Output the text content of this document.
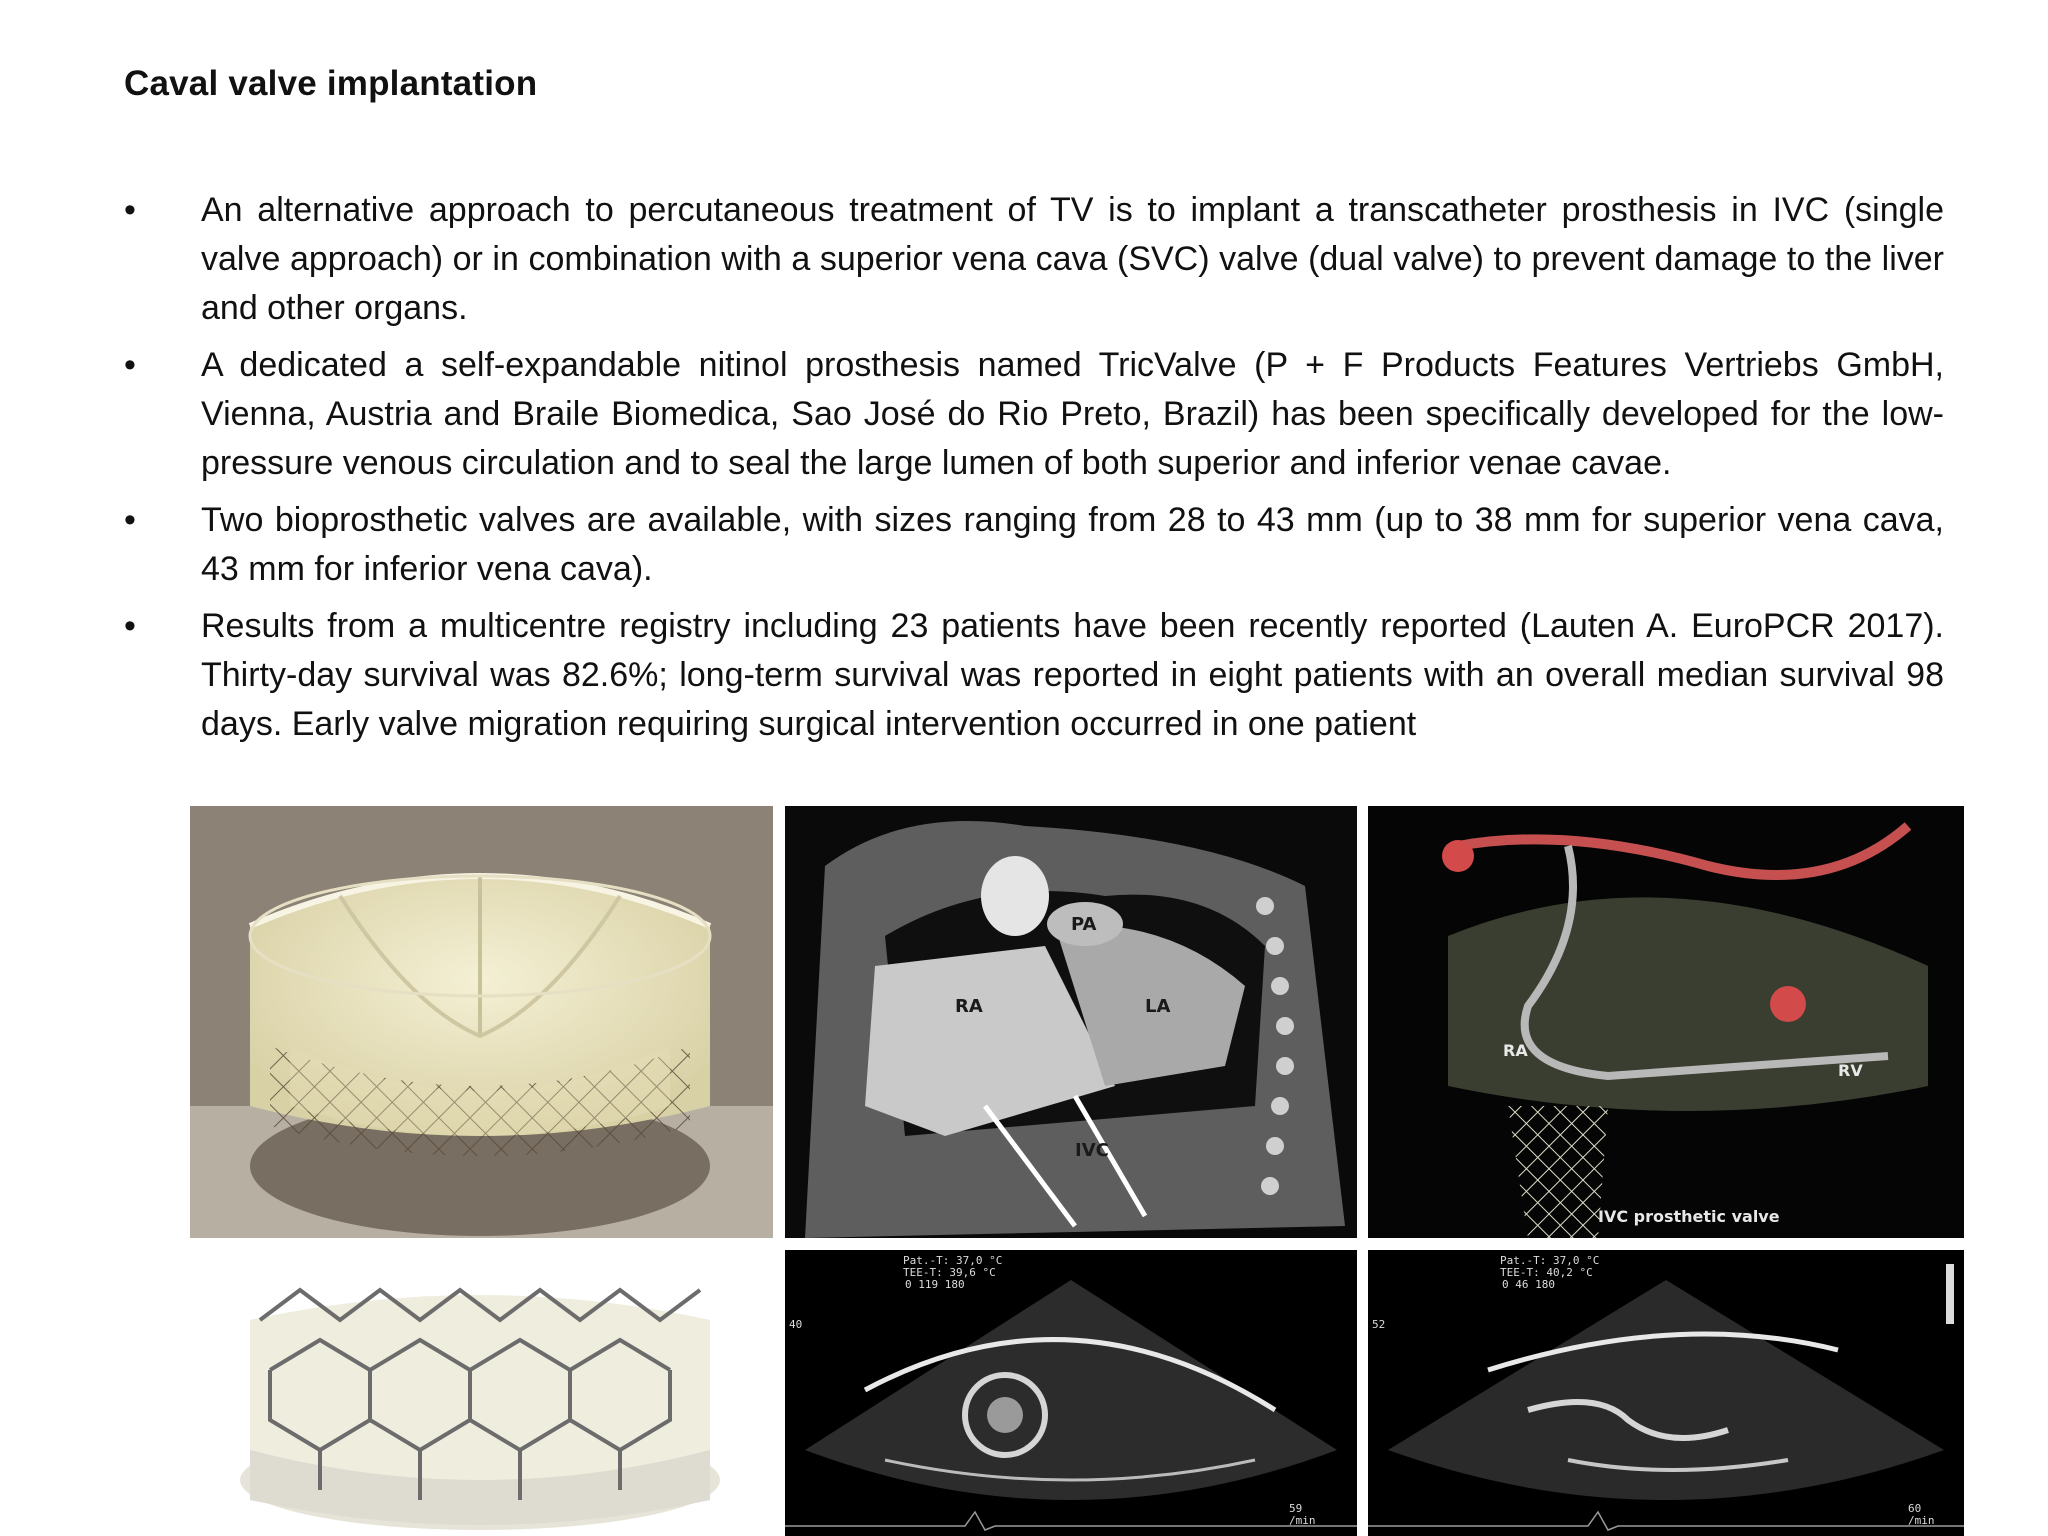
Caval valve implantation
• An alternative approach to percutaneous treatment of TV is to implant a transcatheter prosthesis in IVC (single valve approach) or in combination with a superior vena cava (SVC) valve (dual valve) to prevent damage to the liver and other organs.
• A dedicated a self-expandable nitinol prosthesis named TricValve (P + F Products Features Vertriebs GmbH, Vienna, Austria and Braile Biomedica, Sao José do Rio Preto, Brazil) has been specifically developed for the low-pressure venous circulation and to seal the large lumen of both superior and inferior venae cavae.
• Two bioprosthetic valves are available, with sizes ranging from 28 to 43 mm (up to 38 mm for superior vena cava, 43 mm for inferior vena cava).
• Results from a multicentre registry including 23 patients have been recently reported (Lauten A. EuroPCR 2017). Thirty-day survival was 82.6%; long-term survival was reported in eight patients with an overall median survival 98 days. Early valve migration requiring surgical intervention occurred in one patient
PA
RA	LA
IVC
RA
RV
IVC prosthetic valve
Pat.-T: 37,0 °C
TEE-T: 39,6 °C
0 119 180
40
59
/min
Pat.-T: 37,0 °C
TEE-T: 40,2 °C
0 46 180
52
60
/min
